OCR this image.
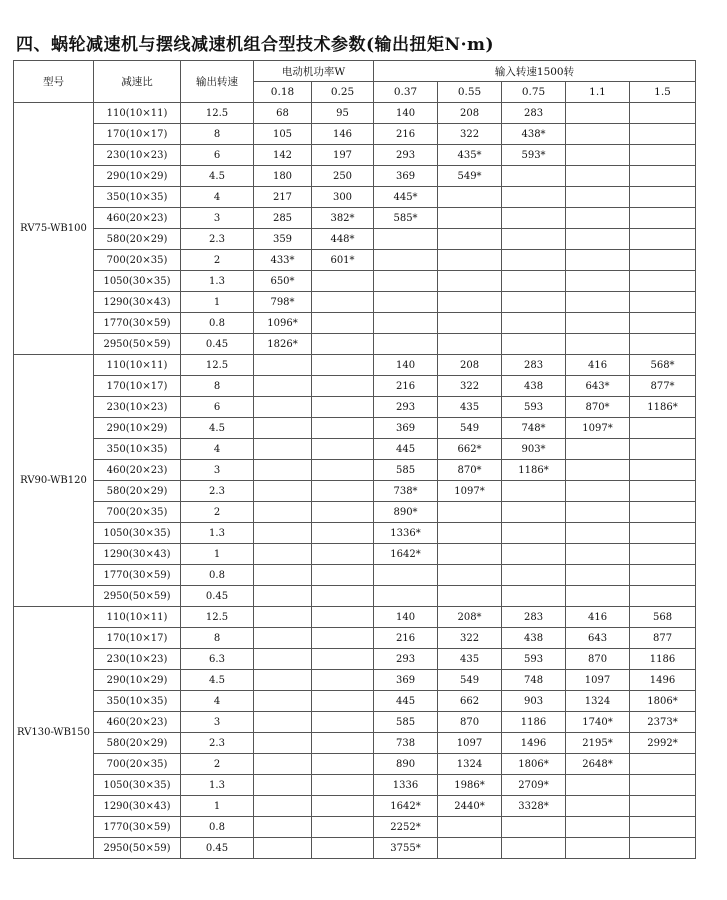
四、蜗轮减速机与摆线减速机组合型技术参数(输出扭矩N·m)
型号	减速比	输出转速	电动机功率W		输入转速1500转				
			0.18	0.25	0.37	0.55	0.75	1.1	1.5
RV75-WB100	110(10×11)	12.5	68	95	140	208	283		
	170(10×17)	8	105	146	216	322	438*		
	230(10×23)	6	142	197	293	435*	593*		
	290(10×29)	4.5	180	250	369	549*			
	350(10×35)	4	217	300	445*				
	460(20×23)	3	285	382*	585*				
	580(20×29)	2.3	359	448*					
	700(20×35)	2	433*	601*					
	1050(30×35)	1.3	650*						
	1290(30×43)	1	798*						
	1770(30×59)	0.8	1096*						
	2950(50×59)	0.45	1826*						
RV90-WB120	110(10×11)	12.5			140	208	283	416	568*
	170(10×17)	8			216	322	438	643*	877*
	230(10×23)	6			293	435	593	870*	1186*
	290(10×29)	4.5			369	549	748*	1097*	
	350(10×35)	4			445	662*	903*		
	460(20×23)	3			585	870*	1186*		
	580(20×29)	2.3			738*	1097*			
	700(20×35)	2			890*				
	1050(30×35)	1.3			1336*				
	1290(30×43)	1			1642*				
	1770(30×59)	0.8							
	2950(50×59)	0.45							
RV130-WB150	110(10×11)	12.5			140	208*	283	416	568
	170(10×17)	8			216	322	438	643	877
	230(10×23)	6.3			293	435	593	870	1186
	290(10×29)	4.5			369	549	748	1097	1496
	350(10×35)	4			445	662	903	1324	1806*
	460(20×23)	3			585	870	1186	1740*	2373*
	580(20×29)	2.3			738	1097	1496	2195*	2992*
	700(20×35)	2			890	1324	1806*	2648*	
	1050(30×35)	1.3			1336	1986*	2709*		
	1290(30×43)	1			1642*	2440*	3328*		
	1770(30×59)	0.8			2252*				
	2950(50×59)	0.45			3755*				
